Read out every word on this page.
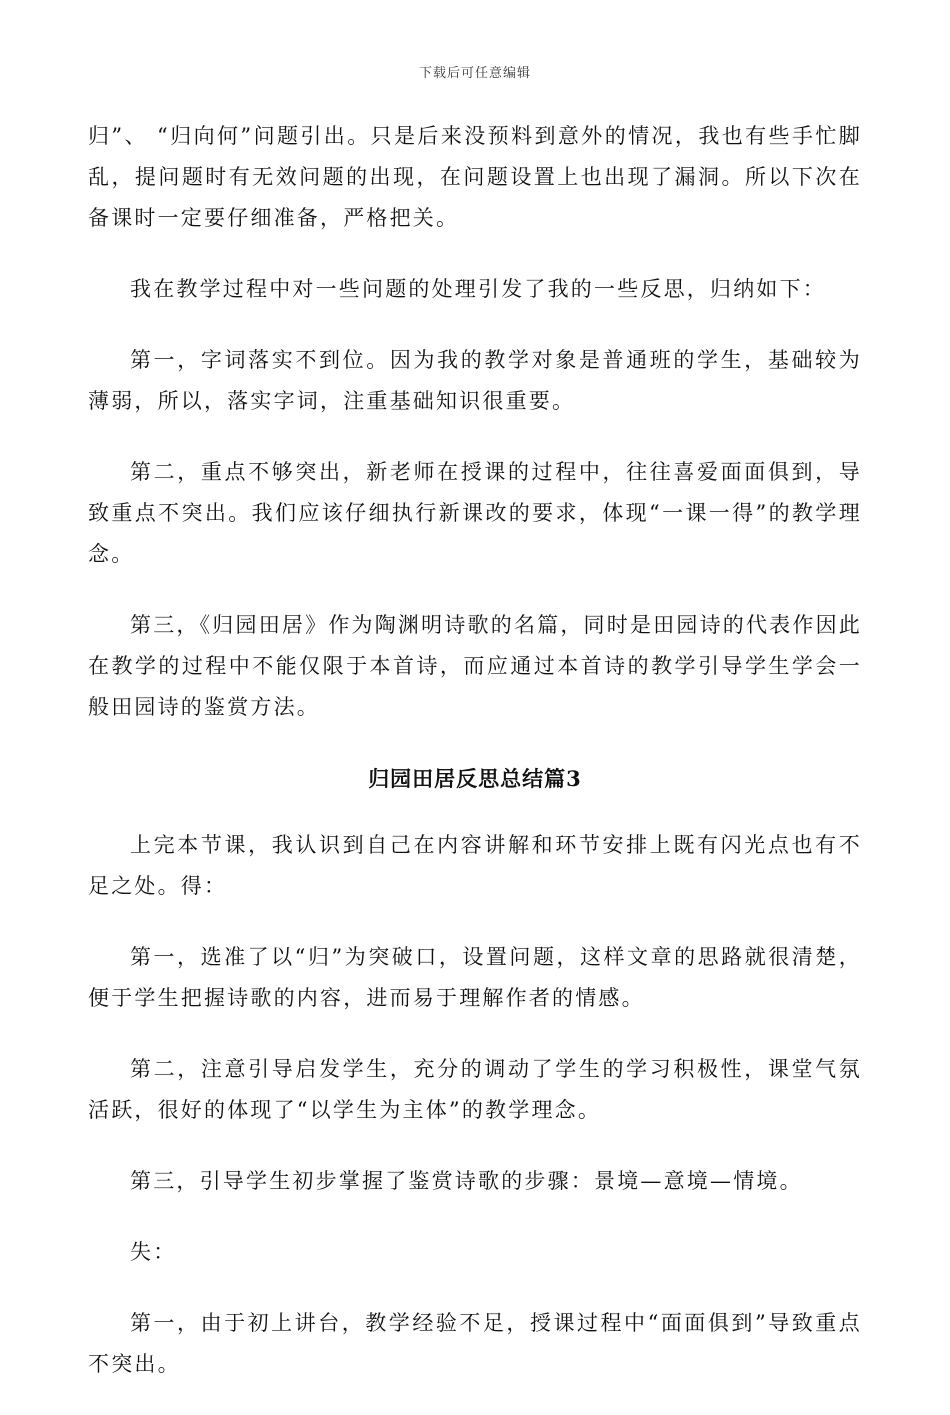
下载后可任意编辑

归”、 “归向何”问题引出。只是后来没预料到意外的情况，我也有些手忙脚乱，提问题时有无效问题的出现，在问题设置上也出现了漏洞。所以下次在备课时一定要仔细准备，严格把关。

我在教学过程中对一些问题的处理引发了我的一些反思，归纳如下：

第一，字词落实不到位。因为我的教学对象是普通班的学生，基础较为薄弱，所以，落实字词，注重基础知识很重要。

第二，重点不够突出，新老师在授课的过程中，往往喜爱面面俱到，导致重点不突出。我们应该仔细执行新课改的要求，体现“一课一得”的教学理念。

第三，《归园田居》作为陶渊明诗歌的名篇，同时是田园诗的代表作因此在教学的过程中不能仅限于本首诗，而应通过本首诗的教学引导学生学会一般田园诗的鉴赏方法。

归园田居反思总结篇3

上完本节课，我认识到自己在内容讲解和环节安排上既有闪光点也有不足之处。得：

第一，选准了以“归”为突破口，设置问题，这样文章的思路就很清楚，便于学生把握诗歌的内容，进而易于理解作者的情感。

第二，注意引导启发学生，充分的调动了学生的学习积极性，课堂气氛活跃，很好的体现了“以学生为主体”的教学理念。

第三，引导学生初步掌握了鉴赏诗歌的步骤：景境—意境—情境。

失：

第一，由于初上讲台，教学经验不足，授课过程中“面面俱到”导致重点不突出。
